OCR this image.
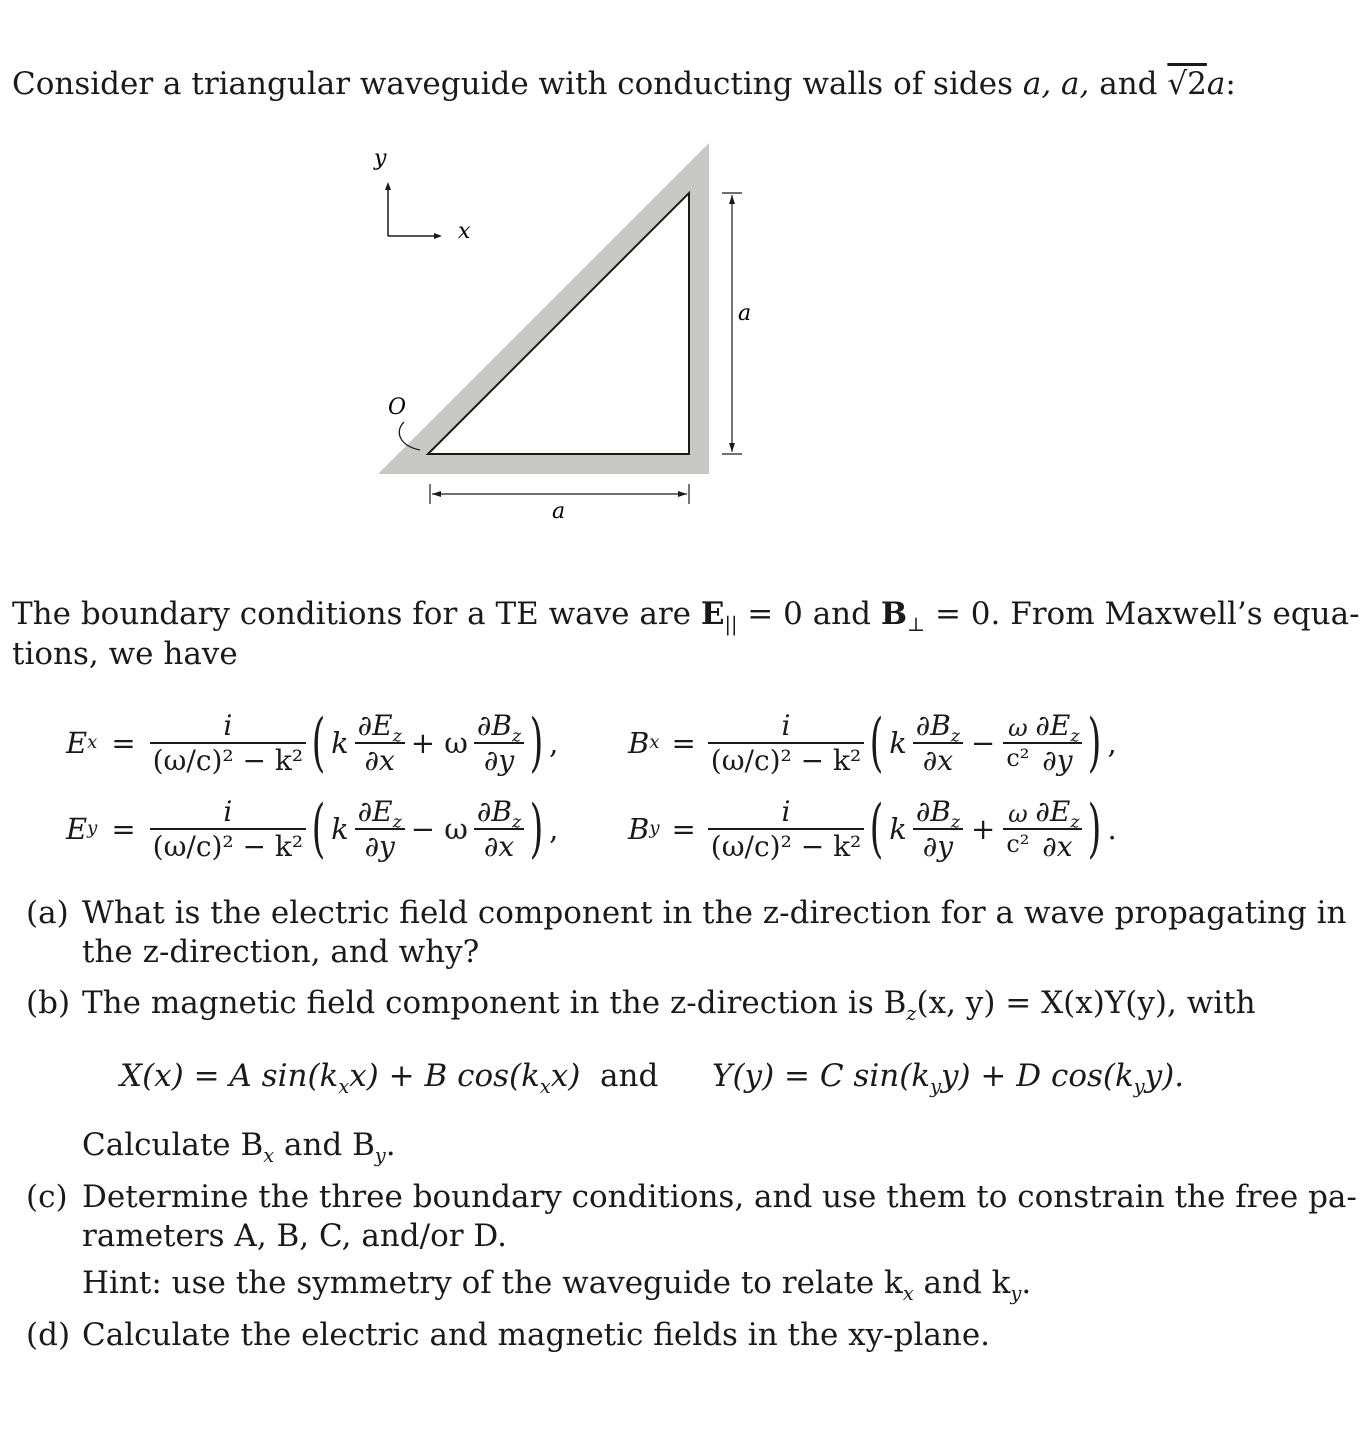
Consider a triangular waveguide with conducting walls of sides a, a, and √2a:
y
x
O
a
a
The boundary conditions for a TE wave are $E_{||} = 0$ and $B_\perp = 0$. From Maxwell’s equa-
tions, we have
E $x = \frac{i}{\text{(ω/c)² − k²}}$ ( k $\frac{\partial E_z}{\partial x} + \omega \frac{\partial B_z}{\partial y}$ ) ,
E $y = \frac{i}{\text{(ω/c)² − k²}}$ ( k $\frac{\partial E_z}{\partial y} - \omega \frac{\partial B_z}{\partial x}$ ) ,
B $x = \frac{i}{\text{(ω/c)² − k²}}$ ( k $\frac{\partial B_z}{\partial x} - \frac{\omega}{\text{c²}} \frac{\partial E_z}{\partial y}$ ) ,
B $y = \frac{i}{\text{(ω/c)² − k²}}$ ( k $\frac{\partial B_z}{\partial y} + \frac{\omega}{\text{c²}} \frac{\partial E_z}{\partial x}$ ) .
(a) What is the electric field component in the z-direction for a wave propagating in
the z-direction, and why?
(b) The magnetic field component in the z-direction is $B_z(x$, y) = X(x)Y(y), with
X(x) = A $\sin(k_xx) + B$ $\cos(k_xx)$ and Y(y) = C $\sin(k_yy) + D$ $\cos(k_yy)$.
Calculate $B_x$ and $B_y$.
(c) Determine the three boundary conditions, and use them to constrain the free pa-
rameters A, B, C, and/or D.
Hint: use the symmetry of the waveguide to relate $k_x$ and $k_y$.
(d) Calculate the electric and magnetic fields in the xy-plane.
